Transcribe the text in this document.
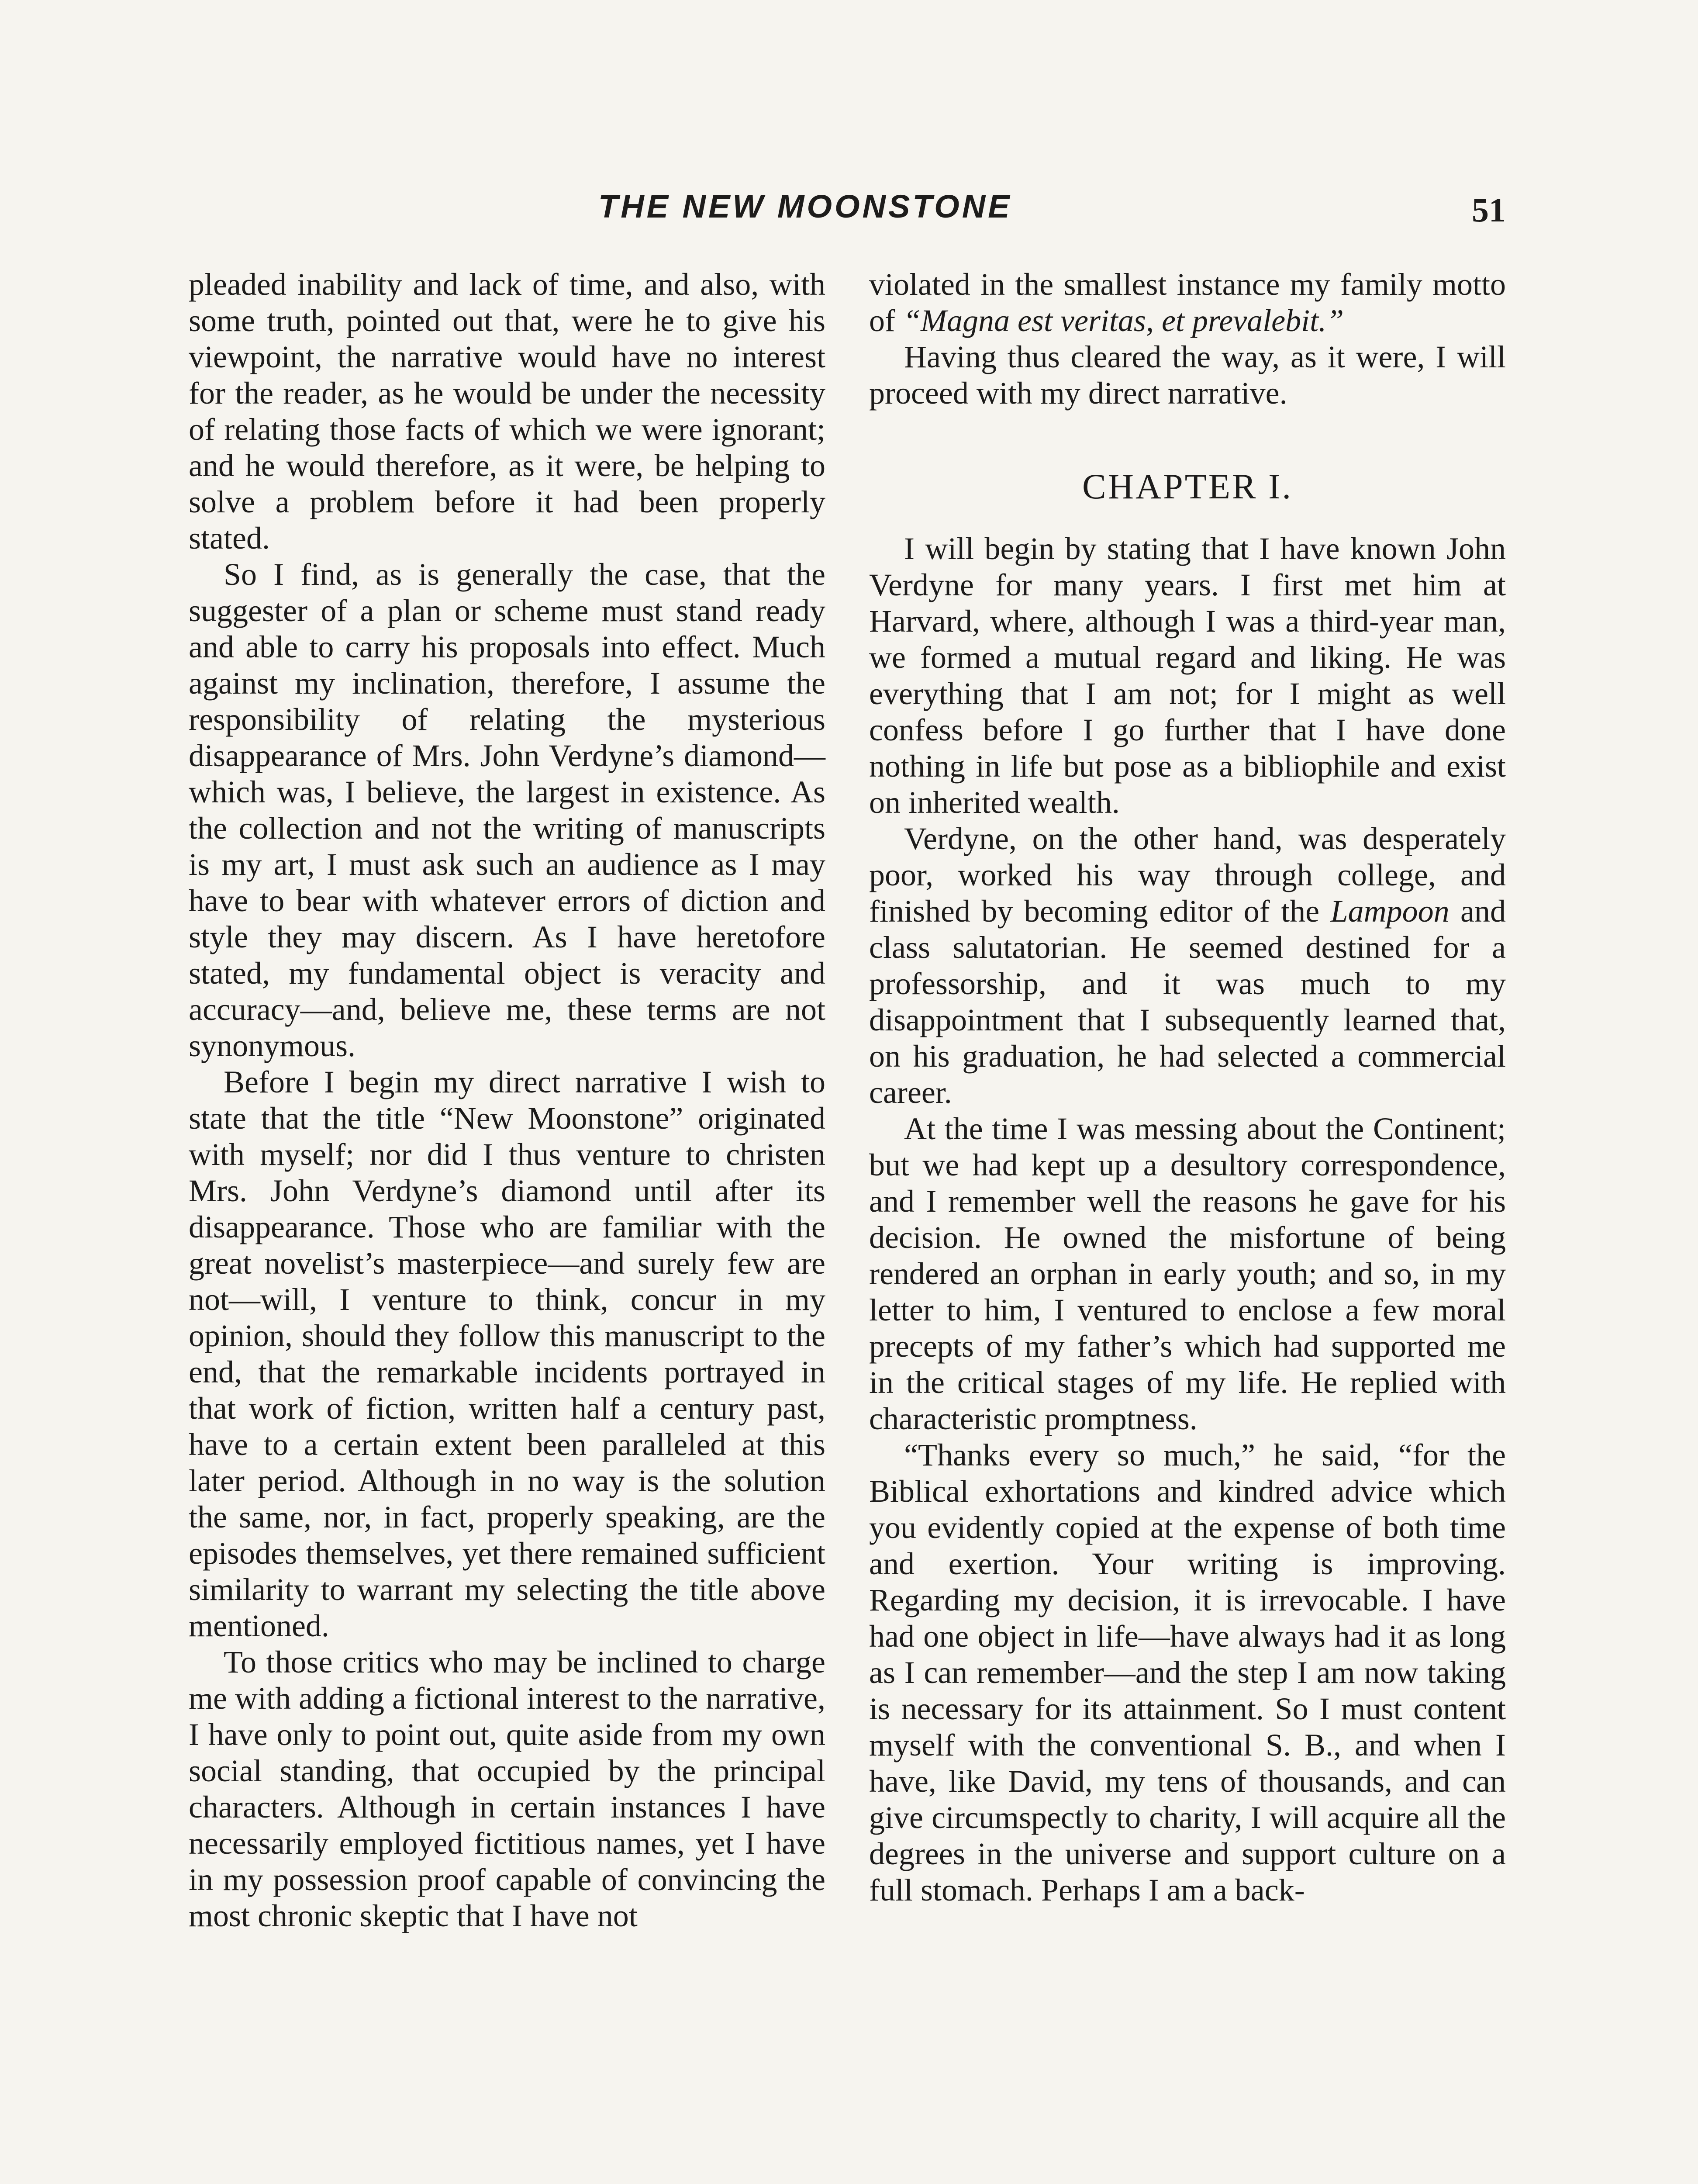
THE NEW MOONSTONE	51

pleaded inability and lack of time, and also, with some truth, pointed out that, were he to give his viewpoint, the narrative would have no interest for the reader, as he would be under the necessity of relating those facts of which we were ignorant; and he would therefore, as it were, be helping to solve a problem before it had been properly stated.

So I find, as is generally the case, that the suggester of a plan or scheme must stand ready and able to carry his proposals into effect. Much against my inclination, therefore, I assume the responsibility of relating the mysterious disappearance of Mrs. John Verdyne’s diamond—which was, I believe, the largest in existence. As the collection and not the writing of manuscripts is my art, I must ask such an audience as I may have to bear with whatever errors of diction and style they may discern. As I have heretofore stated, my fundamental object is veracity and accuracy—and, believe me, these terms are not synonymous.

Before I begin my direct narrative I wish to state that the title “New Moonstone” originated with myself; nor did I thus venture to christen Mrs. John Verdyne’s diamond until after its disappearance. Those who are familiar with the great novelist’s masterpiece—and surely few are not—will, I venture to think, concur in my opinion, should they follow this manuscript to the end, that the remarkable incidents portrayed in that work of fiction, written half a century past, have to a certain extent been paralleled at this later period. Although in no way is the solution the same, nor, in fact, properly speaking, are the episodes themselves, yet there remained sufficient similarity to warrant my selecting the title above mentioned.

To those critics who may be inclined to charge me with adding a fictional interest to the narrative, I have only to point out, quite aside from my own social standing, that occupied by the principal characters. Although in certain instances I have necessarily employed fictitious names, yet I have in my possession proof capable of convincing the most chronic skeptic that I have not

violated in the smallest instance my family motto of “Magna est veritas, et prevalebit.”

Having thus cleared the way, as it were, I will proceed with my direct narrative.

CHAPTER I.

I will begin by stating that I have known John Verdyne for many years. I first met him at Harvard, where, although I was a third-year man, we formed a mutual regard and liking. He was everything that I am not; for I might as well confess before I go further that I have done nothing in life but pose as a bibliophile and exist on inherited wealth.

Verdyne, on the other hand, was desperately poor, worked his way through college, and finished by becoming editor of the Lampoon and class salutatorian. He seemed destined for a professorship, and it was much to my disappointment that I subsequently learned that, on his graduation, he had selected a commercial career.

At the time I was messing about the Continent; but we had kept up a desultory correspondence, and I remember well the reasons he gave for his decision. He owned the misfortune of being rendered an orphan in early youth; and so, in my letter to him, I ventured to enclose a few moral precepts of my father’s which had supported me in the critical stages of my life. He replied with characteristic promptness.

“Thanks every so much,” he said, “for the Biblical exhortations and kindred advice which you evidently copied at the expense of both time and exertion. Your writing is improving. Regarding my decision, it is irrevocable. I have had one object in life—have always had it as long as I can remember—and the step I am now taking is necessary for its attainment. So I must content myself with the conventional S. B., and when I have, like David, my tens of thousands, and can give circumspectly to charity, I will acquire all the degrees in the universe and support culture on a full stomach. Perhaps I am a back-
